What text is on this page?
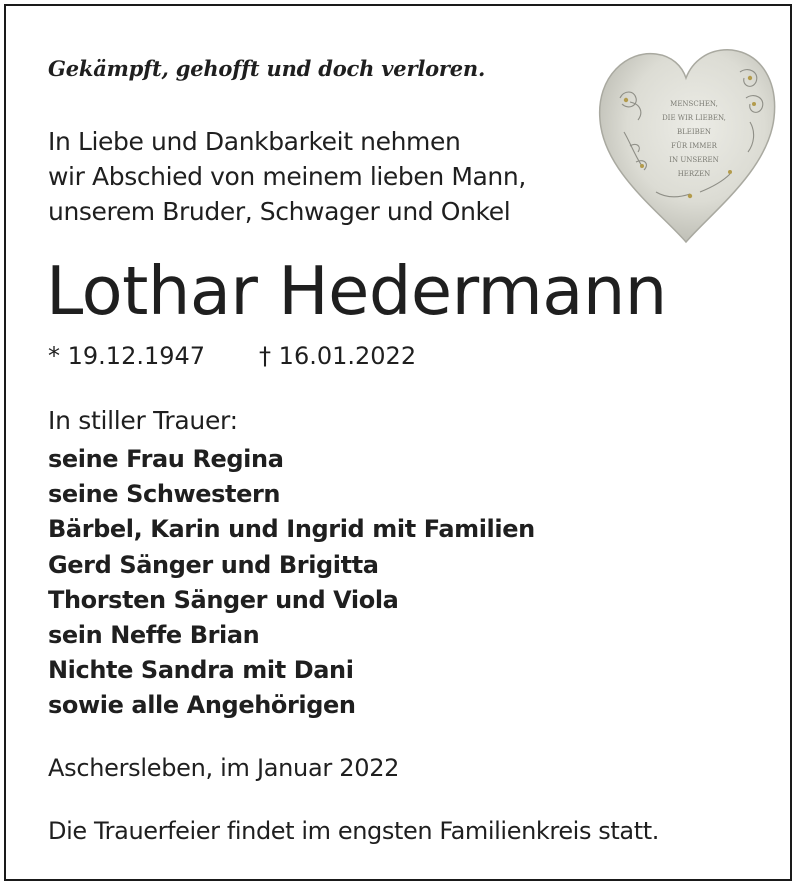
Gekämpft, gehofft und doch verloren.
In Liebe und Dankbarkeit nehmen
wir Abschied von meinem lieben Mann,
unserem Bruder, Schwager und Onkel
Lothar Hedermann
* 19.12.1947 † 16.01.2022
In stiller Trauer:
seine Frau Regina
seine Schwestern
Bärbel, Karin und Ingrid mit Familien
Gerd Sänger und Brigitta
Thorsten Sänger und Viola
sein Neffe Brian
Nichte Sandra mit Dani
sowie alle Angehörigen
Aschersleben, im Januar 2022
Die Trauerfeier findet im engsten Familienkreis statt.
MENSCHEN,
DIE WIR LIEBEN,
BLEIBEN
FÜR IMMER
IN UNSEREN
HERZEN
